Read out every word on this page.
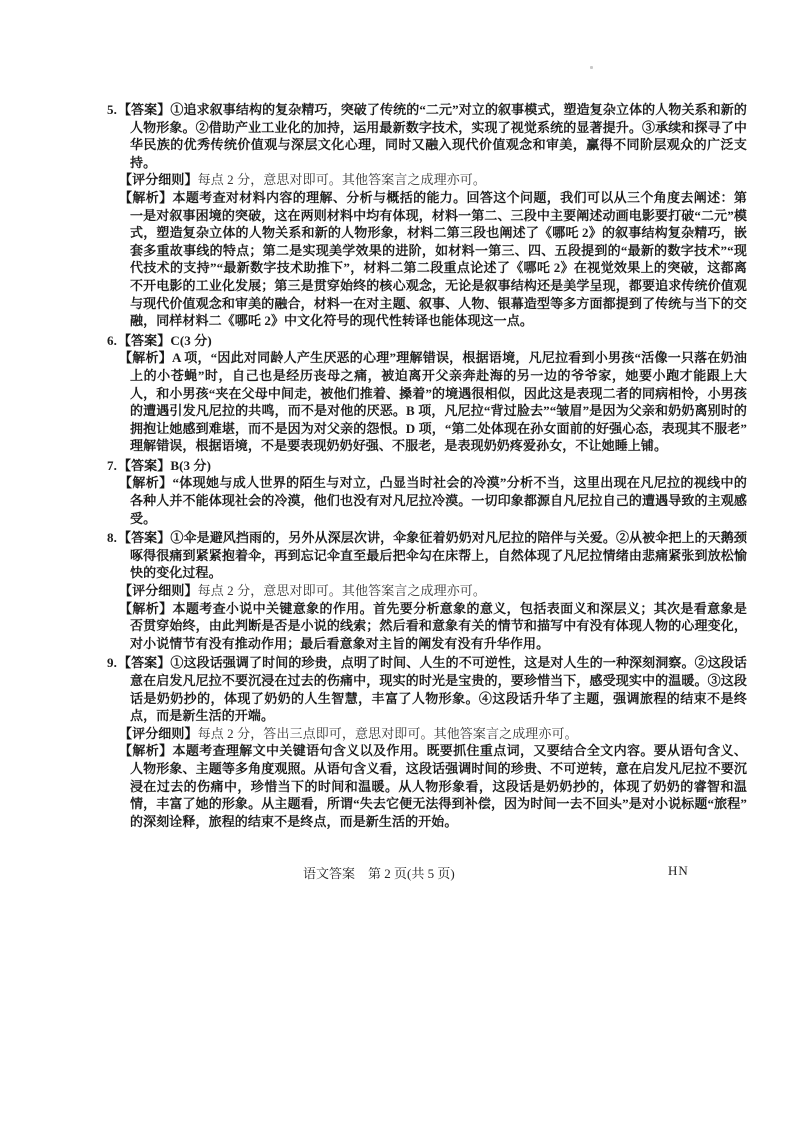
5.【答案】①追求叙事结构的复杂精巧，突破了传统的“二元”对立的叙事模式，塑造复杂立体的人物关系和新的人物形象。②借助产业工业化的加持，运用最新数字技术，实现了视觉系统的显著提升。③承续和探寻了中华民族的优秀传统价值观与深层文化心理，同时又融入现代价值观念和审美，赢得不同阶层观众的广泛支持。

【评分细则】每点 2 分，意思对即可。其他答案言之成理亦可。

【解析】本题考查对材料内容的理解、分析与概括的能力。回答这个问题，我们可以从三个角度去阐述：第一是对叙事困境的突破，这在两则材料中均有体现，材料一第二、三段中主要阐述动画电影要打破“二元”模式，塑造复杂立体的人物关系和新的人物形象，材料二第三段也阐述了《哪吒 2》的叙事结构复杂精巧，嵌套多重故事线的特点；第二是实现美学效果的进阶，如材料一第三、四、五段提到的“最新的数字技术”“现代技术的支持”“最新数字技术助推下”，材料二第二段重点论述了《哪吒 2》在视觉效果上的突破，这都离不开电影的工业化发展；第三是贯穿始终的核心观念，无论是叙事结构还是美学呈现，都要追求传统价值观与现代价值观念和审美的融合，材料一在对主题、叙事、人物、银幕造型等多方面都提到了传统与当下的交融，同样材料二《哪吒 2》中文化符号的现代性转译也能体现这一点。

6.【答案】C(3 分)

【解析】A 项，“因此对同龄人产生厌恶的心理”理解错误，根据语境，凡尼拉看到小男孩“活像一只落在奶油上的小苍蝇”时，自己也是经历丧母之痛，被迫离开父亲奔赴海的另一边的爷爷家，她要小跑才能跟上大人，和小男孩“夹在父母中间走，被他们推着、搡着”的境遇很相似，因此这是表现二者的同病相怜，小男孩的遭遇引发凡尼拉的共鸣，而不是对他的厌恶。B 项，凡尼拉“背过脸去”“皱眉”是因为父亲和奶奶离别时的拥抱让她感到难堪，而不是因为对父亲的怨恨。D 项，“第二处体现在孙女面前的好强心态，表现其不服老”理解错误，根据语境，不是要表现奶奶好强、不服老，是表现奶奶疼爱孙女，不让她睡上铺。

7.【答案】B(3 分)

【解析】“体现她与成人世界的陌生与对立，凸显当时社会的冷漠”分析不当，这里出现在凡尼拉的视线中的各种人并不能体现社会的冷漠，他们也没有对凡尼拉冷漠。一切印象都源自凡尼拉自己的遭遇导致的主观感受。

8.【答案】①伞是避风挡雨的，另外从深层次讲，伞象征着奶奶对凡尼拉的陪伴与关爱。②从被伞把上的天鹅颈啄得很痛到紧紧抱着伞，再到忘记伞直至最后把伞勾在床帮上，自然体现了凡尼拉情绪由悲痛紧张到放松愉快的变化过程。

【评分细则】每点 2 分，意思对即可。其他答案言之成理亦可。

【解析】本题考查小说中关键意象的作用。首先要分析意象的意义，包括表面义和深层义；其次是看意象是否贯穿始终，由此判断是否是小说的线索；然后看和意象有关的情节和描写中有没有体现人物的心理变化，对小说情节有没有推动作用；最后看意象对主旨的阐发有没有升华作用。

9.【答案】①这段话强调了时间的珍贵，点明了时间、人生的不可逆性，这是对人生的一种深刻洞察。②这段话意在启发凡尼拉不要沉浸在过去的伤痛中，现实的时光是宝贵的，要珍惜当下，感受现实中的温暖。③这段话是奶奶抄的，体现了奶奶的人生智慧，丰富了人物形象。④这段话升华了主题，强调旅程的结束不是终点，而是新生活的开端。

【评分细则】每点 2 分，答出三点即可，意思对即可。其他答案言之成理亦可。

【解析】本题考查理解文中关键语句含义以及作用。既要抓住重点词，又要结合全文内容。要从语句含义、人物形象、主题等多角度观照。从语句含义看，这段话强调时间的珍贵、不可逆转，意在启发凡尼拉不要沉浸在过去的伤痛中，珍惜当下的时间和温暖。从人物形象看，这段话是奶奶抄的，体现了奶奶的睿智和温情，丰富了她的形象。从主题看，所谓“失去它便无法得到补偿，因为时间一去不回头”是对小说标题“旅程”的深刻诠释，旅程的结束不是终点，而是新生活的开始。

语文答案　第 2 页(共 5 页)	HN
